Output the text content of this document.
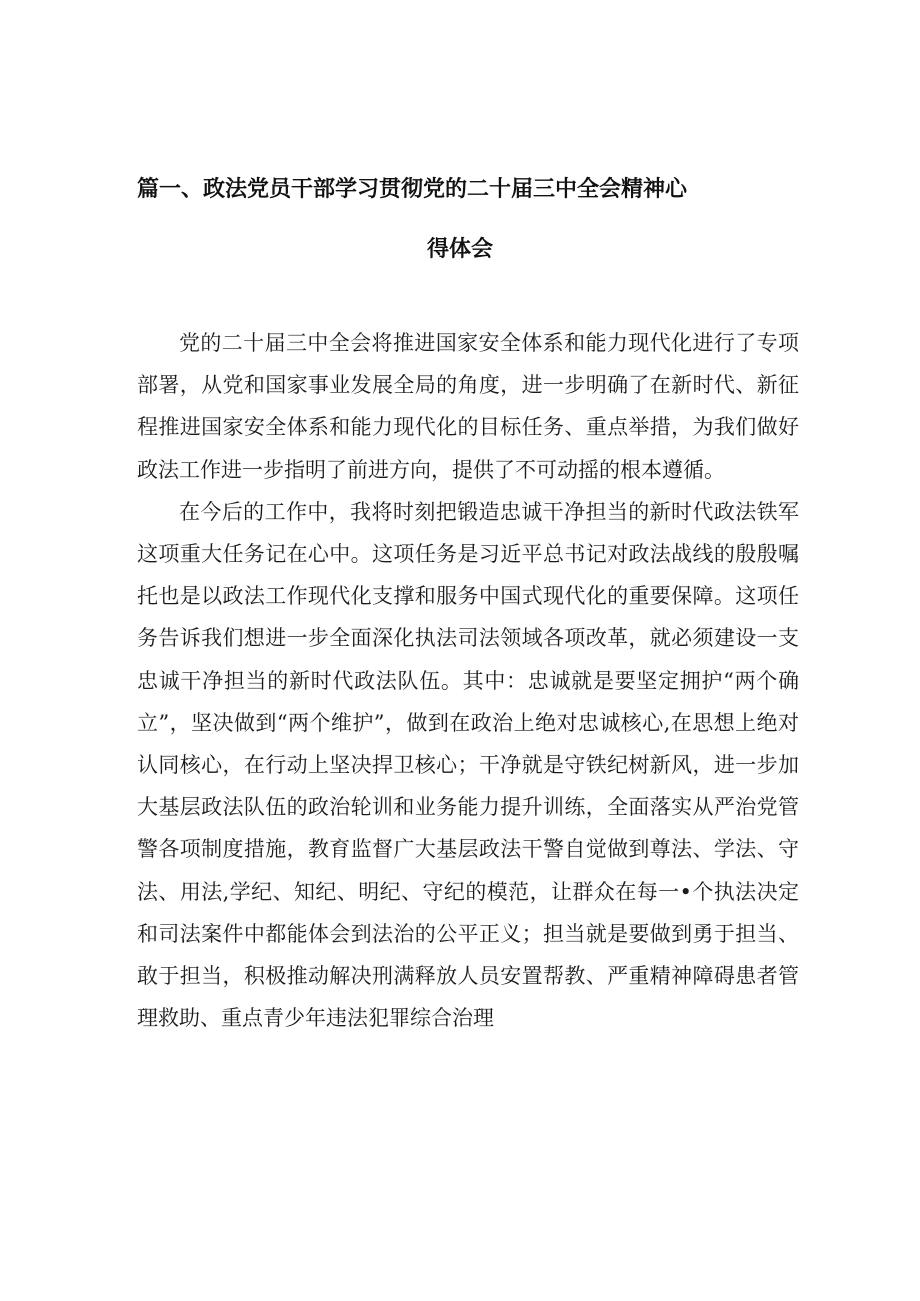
篇一、政法党员干部学习贯彻党的二十届三中全会精神心
得体会

党的二十届三中全会将推进国家安全体系和能力现代化进行了专项部署，从党和国家事业发展全局的角度，进一步明确了在新时代、新征程推进国家安全体系和能力现代化的目标任务、重点举措，为我们做好政法工作进一步指明了前进方向，提供了不可动摇的根本遵循。

在今后的工作中，我将时刻把锻造忠诚干净担当的新时代政法铁军这项重大任务记在心中。这项任务是习近平总书记对政法战线的殷殷嘱托也是以政法工作现代化支撑和服务中国式现代化的重要保障。这项任务告诉我们想进一步全面深化执法司法领域各项改革，就必须建设一支忠诚干净担当的新时代政法队伍。其中：忠诚就是要坚定拥护“两个确立”，坚决做到“两个维护”，做到在政治上绝对忠诚核心,在思想上绝对认同核心，在行动上坚决捍卫核心；干净就是守铁纪树新风，进一步加大基层政法队伍的政治轮训和业务能力提升训练，全面落实从严治党管警各项制度措施，教育监督广大基层政法干警自觉做到尊法、学法、守法、用法,学纪、知纪、明纪、守纪的模范，让群众在每一•个执法决定和司法案件中都能体会到法治的公平正义；担当就是要做到勇于担当、敢于担当，积极推动解决刑满释放人员安置帮教、严重精神障碍患者管理救助、重点青少年违法犯罪综合治理
